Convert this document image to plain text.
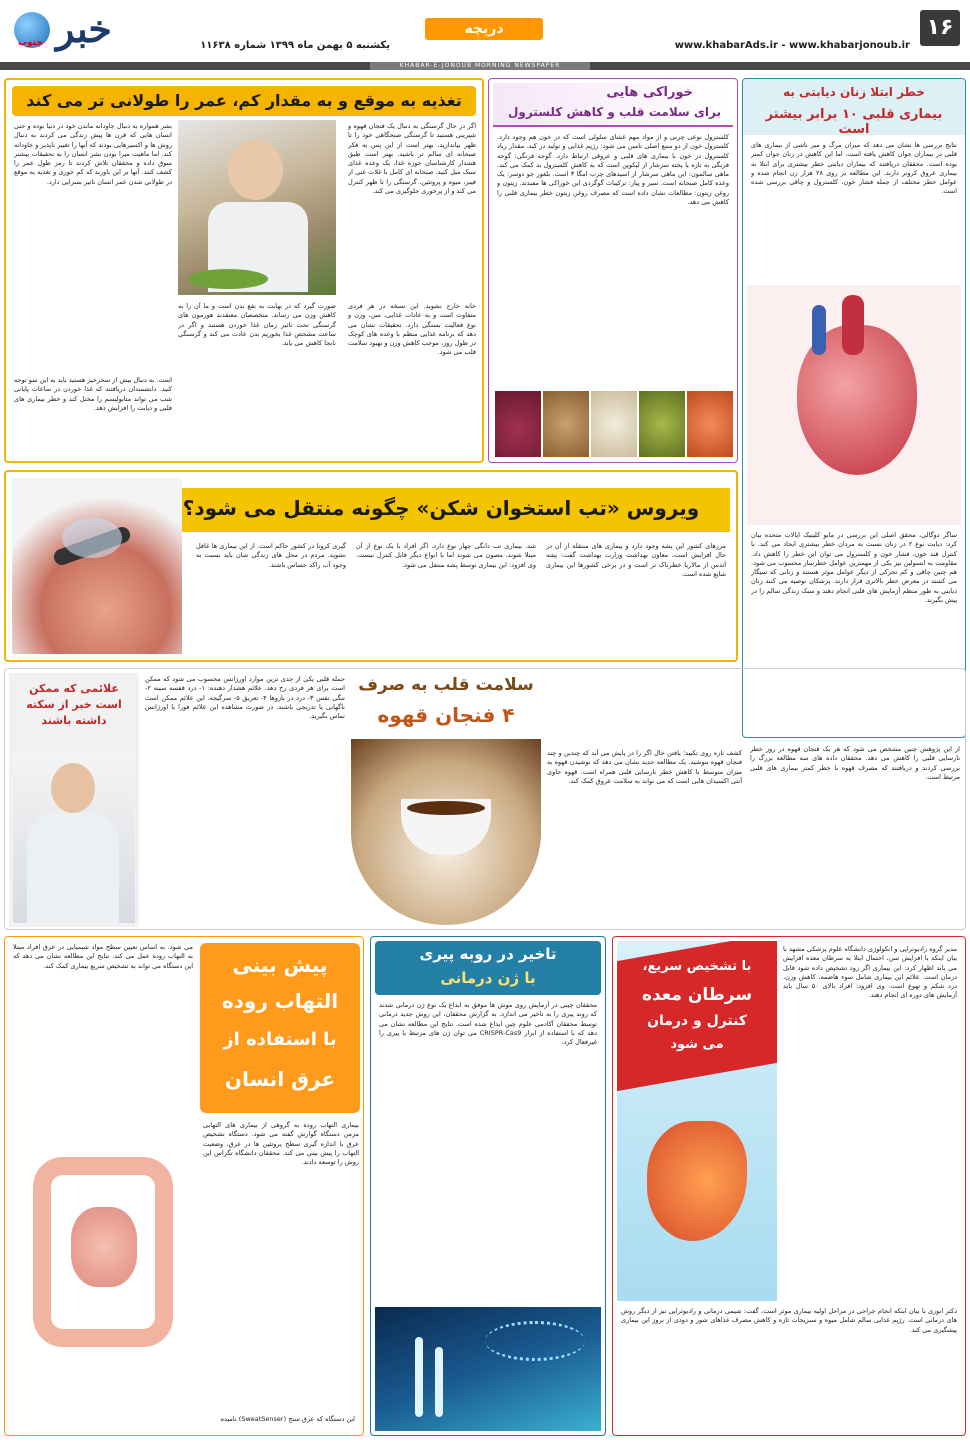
۱۶
دریچه
www.khabarAds.ir - www.khabarjonoub.ir
یکشنبه ۵ بهمن ماه ۱۳۹۹ شماره ۱۱۶۳۸
خبر
جنوب
KHABAR-E-JONOUB MORNING NEWSPAPER
تغذیه به موقع و به مقدار کم، عمر را طولانی تر می کند
اگر در حال گرسنگی به دنبال یک فنجان قهوه و شیرینی هستید تا گرسنگی صبحگاهی خود را تا ظهر بیاندازید، بهتر است از این پس به فکر صبحانه ای سالم تر باشید. بهتر است طبق هشدار کارشناسان حوزه غذا، یک وعده غذای سبک میل کنید. صبحانه ای کامل با غلات غنی از فیبر، میوه و پروتئین، گرسنگی را تا ظهر کنترل می کند و از پرخوری جلوگیری می کند.
بشر همواره به دنبال جاودانه ماندن خود در دنیا بوده و حتی انسان هایی که قرن ها پیش زندگی می کردند به دنبال روش ها و اکسیرهایی بودند که آنها را تغییر ناپذیر و جاودانه کند. اما ماهیت میرا بودن بشر انسان را به تحقیقات بیشتر سوق داده و محققان تلاش کردند تا رمز طول عمر را کشف کنند. آنها بر این باورند که کم خوری و تغذیه به موقع در طولانی شدن عمر انسان تاثیر بسزایی دارد.
خانه خارج نشوید. این نسخه در هر فردی متفاوت است و به عادات غذایی، سن، وزن و نوع فعالیت بستگی دارد. تحقیقات نشان می دهد که برنامه غذایی منظم با وعده های کوچک در طول روز، موجب کاهش وزن و بهبود سلامت قلب می شود.
صورت گیرد که در نهایت به نفع بدن است و ما آن را به کاهش وزن می رساند. متخصصان معتقدند هورمون های گرسنگی تحت تاثیر زمان غذا خوردن هستند و اگر در ساعت مشخص غذا بخوریم بدن عادت می کند و گرسنگی نابجا کاهش می یابد.
است. به دنبال بیش از سحرخیز هستید باید به این سو توجه کنید. دانشمندان دریافتند که غذا خوردن در ساعات پایانی شب می تواند متابولیسم را مختل کند و خطر بیماری های قلبی و دیابت را افزایش دهد.
خوراکی هایی
برای سلامت قلب و کاهش کلسترول
کلسترول نوعی چربی و از مواد مهم غشای سلولی است که در خون هم وجود دارد. کلسترول خون از دو منبع اصلی تامین می شود: رژیم غذایی و تولید در کبد. مقدار زیاد کلسترول در خون با بیماری های قلبی و عروقی ارتباط دارد. گوجه فرنگی: گوجه فرنگی به تازه یا پخته سرشار از لیکوپن است که به کاهش کلسترول بد کمک می کند. ماهی سالمون: این ماهی سرشار از اسیدهای چرب امگا ۳ است. بلغور جو دوسر: یک وعده کامل صبحانه است. سیر و پیاز: ترکیبات گوگردی این خوراکی ها مفیدند. زیتون و روغن زیتون: مطالعات نشان داده است که مصرف روغن زیتون خطر بیماری قلبی را کاهش می دهد.
خطر ابتلا زنان دیابتی به
بیماری قلبی ۱۰ برابر بیشتر است
نتایج بررسی ها نشان می دهد که میزان مرگ و میر ناشی از بیماری های قلبی در بیماران جوان کاهش یافته است، اما این کاهش در زنان جوان کمتر بوده است. محققان دریافتند که بیماران دیابتی خطر بیشتری برای ابتلا به بیماری عروق کرونر دارند. این مطالعه بر روی ۲۸ هزار زن انجام شده و عوامل خطر مختلف از جمله فشار خون، کلسترول و چاقی بررسی شده است.
ساگر دوگالی، محقق اصلی این بررسی در مایو کلینیک ایالات متحده بیان کرد: دیابت نوع ۲ در زنان نسبت به مردان خطر بیشتری ایجاد می کند. با کنترل قند خون، فشار خون و کلسترول می توان این خطر را کاهش داد. مقاومت به انسولین نیز یکی از مهمترین عوامل خطرساز محسوب می شود. هم چنین چاقی و کم تحرکی از دیگر عوامل موثر هستند و زنانی که سیگار می کشند در معرض خطر بالاتری قرار دارند. پزشکان توصیه می کنند زنان دیابتی به طور منظم آزمایش های قلبی انجام دهند و سبک زندگی سالم را در پیش بگیرند.
ویروس «تب استخوان شکن» چگونه منتقل می شود؟
مرزهای کشور این پشه وجود دارد و بیماری های منتقله از آن در حال افزایش است. معاون بهداشت وزارت بهداشت گفت: پشه آئدس از مالاریا خطرناک تر است و در برخی کشورها این بیماری شایع شده است.
شد. بیماری تب دانگی چهار نوع دارد. اگر افراد با یک نوع از آن مبتلا شوند، مصون می شوند اما با انواع دیگر قابل کنترل نیست. وی افزود: این بیماری توسط پشه منتقل می شود.
گیری کرونا در کشور حاکم است. از این بیماری ها غافل نشوید. مردم در محل های زندگی شان باید نسبت به وجود آب راکد حساس باشند.
علائمی که ممکن است خبر از سکته داشته باشند
حمله قلبی یکی از جدی ترین موارد اورژانس محسوب می شود که ممکن است برای هر فردی رخ دهد. علائم هشدار دهنده: ۱- درد قفسه سینه ۲- تنگی نفس ۳- درد در بازوها ۴- تعریق ۵- سرگیجه. این علائم ممکن است ناگهانی یا تدریجی باشند. در صورت مشاهده این علائم فورا با اورژانس تماس بگیرید.
سلامت قلب به صرف
۴ فنجان قهوه
کشف تازه روی تکبید؛ یافتن حال اگر را در پایش می آید که چندین و چند فنجان قهوه بنوشید. یک مطالعه جدید نشان می دهد که نوشیدن قهوه به میزان متوسط با کاهش خطر نارسایی قلبی همراه است. قهوه حاوی آنتی اکسیدان هایی است که می تواند به سلامت عروق کمک کند.
از این پژوهش چنین مشخص می شود که هر یک فنجان قهوه در روز خطر نارسایی قلبی را کاهش می دهد. محققان داده های سه مطالعه بزرگ را بررسی کردند و دریافتند که مصرف قهوه با خطر کمتر بیماری های قلبی مرتبط است.
پیش بینی
التهاب روده
با استفاده از
عرق انسان
می شود. به اساس تعیین سطح مواد شیمیایی در عرق افراد مبتلا به التهاب روده عمل می کند. نتایج این مطالعه نشان می دهد که این دستگاه می تواند به تشخیص سریع بیماری کمک کند.
بیماری التهاب روده به گروهی از بیماری های التهابی مزمن دستگاه گوارش گفته می شود. دستگاه تشخیص عرق با اندازه گیری سطح پروتئین ها در عرق، وضعیت التهاب را پیش بینی می کند. محققان دانشگاه تگزاس این روش را توسعه دادند.
این دستگاه که عرق سنج (SweatSenser) نامیده
تاخیر در روبه پیری
با ژن درمانی
محققان چینی در آزمایش روی موش ها موفق به ابداع یک نوع ژن درمانی شدند که روند پیری را به تاخیر می اندازد. به گزارش محققان، این روش جدید درمانی توسط محققان آکادمی علوم چین ابداع شده است. نتایج این مطالعه نشان می دهد که با استفاده از ابزار CRISPR-Cas9 می توان ژن های مرتبط با پیری را غیرفعال کرد.
با تشخیص سریع،
سرطان معده
کنترل و درمان
می شود
مدیر گروه رادیوتراپی و انکولوژی دانشگاه علوم پزشکی مشهد با بیان اینکه با افزایش سن، احتمال ابتلا به سرطان معده افزایش می یابد اظهار کرد: این بیماری اگر زود تشخیص داده شود قابل درمان است. علائم این بیماری شامل سوء هاضمه، کاهش وزن، درد شکم و تهوع است. وی افزود: افراد بالای ۵۰ سال باید آزمایش های دوره ای انجام دهند.
دکتر انوری با بیان اینکه انجام جراحی در مراحل اولیه بیماری موثر است، گفت: شیمی درمانی و رادیوتراپی نیز از دیگر روش های درمانی است. رژیم غذایی سالم شامل میوه و سبزیجات تازه و کاهش مصرف غذاهای شور و دودی از بروز این بیماری پیشگیری می کند.
